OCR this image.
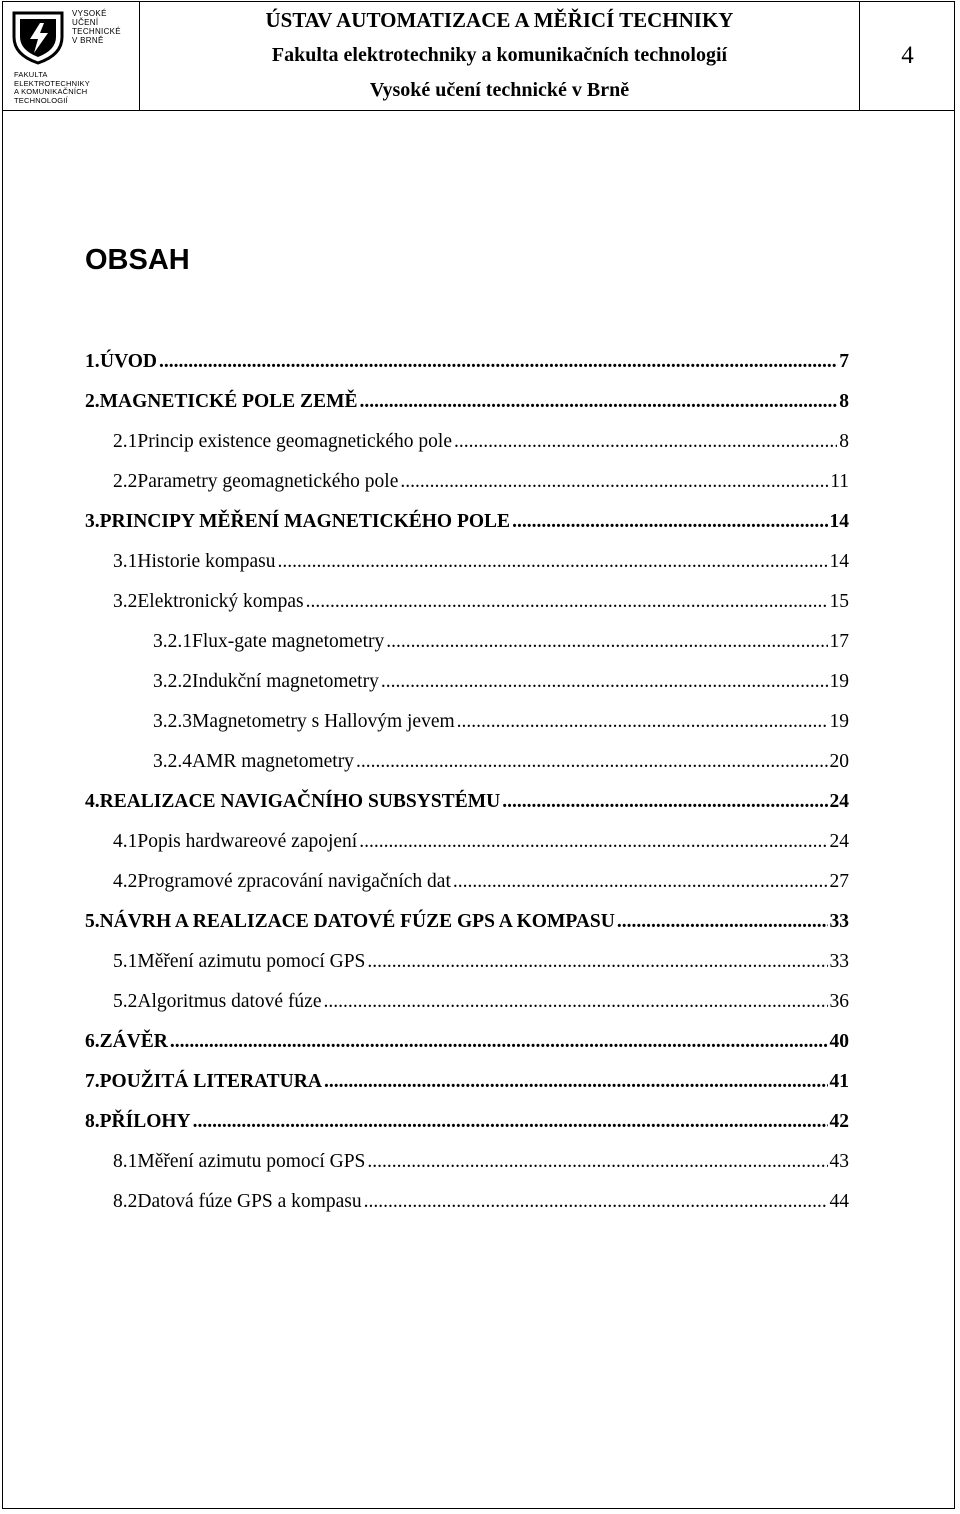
VYSOKÉ
UČENÍ
TECHNICKÉ
V BRNĚ
FAKULTA
ELEKTROTECHNIKY
A KOMUNIKAČNÍCH
TECHNOLOGIÍ
ÚSTAV AUTOMATIZACE A MĚŘICÍ TECHNIKY
Fakulta elektrotechniky a komunikačních technologií
Vysoké učení technické v Brně
4
OBSAH
1. ÚVOD .....	7
2. MAGNETICKÉ POLE ZEMĚ .....	8
2.1 Princip existence geomagnetického pole .....	8
2.2 Parametry geomagnetického pole .....	11
3. PRINCIPY MĚŘENÍ MAGNETICKÉHO POLE .....	14
3.1 Historie kompasu .....	14
3.2 Elektronický kompas .....	15
3.2.1 Flux-gate magnetometry .....	17
3.2.2 Indukční magnetometry .....	19
3.2.3 Magnetometry s Hallovým jevem .....	19
3.2.4 AMR magnetometry .....	20
4. REALIZACE NAVIGAČNÍHO SUBSYSTÉMU .....	24
4.1 Popis hardwareové zapojení .....	24
4.2 Programové zpracování navigačních dat .....	27
5. NÁVRH A REALIZACE DATOVÉ FÚZE GPS A KOMPASU .....	33
5.1 Měření azimutu pomocí GPS .....	33
5.2 Algoritmus datové fúze .....	36
6. ZÁVĚR .....	40
7. POUŽITÁ LITERATURA .....	41
8. PŘÍLOHY .....	42
8.1 Měření azimutu pomocí GPS .....	43
8.2 Datová fúze GPS a kompasu .....	44
